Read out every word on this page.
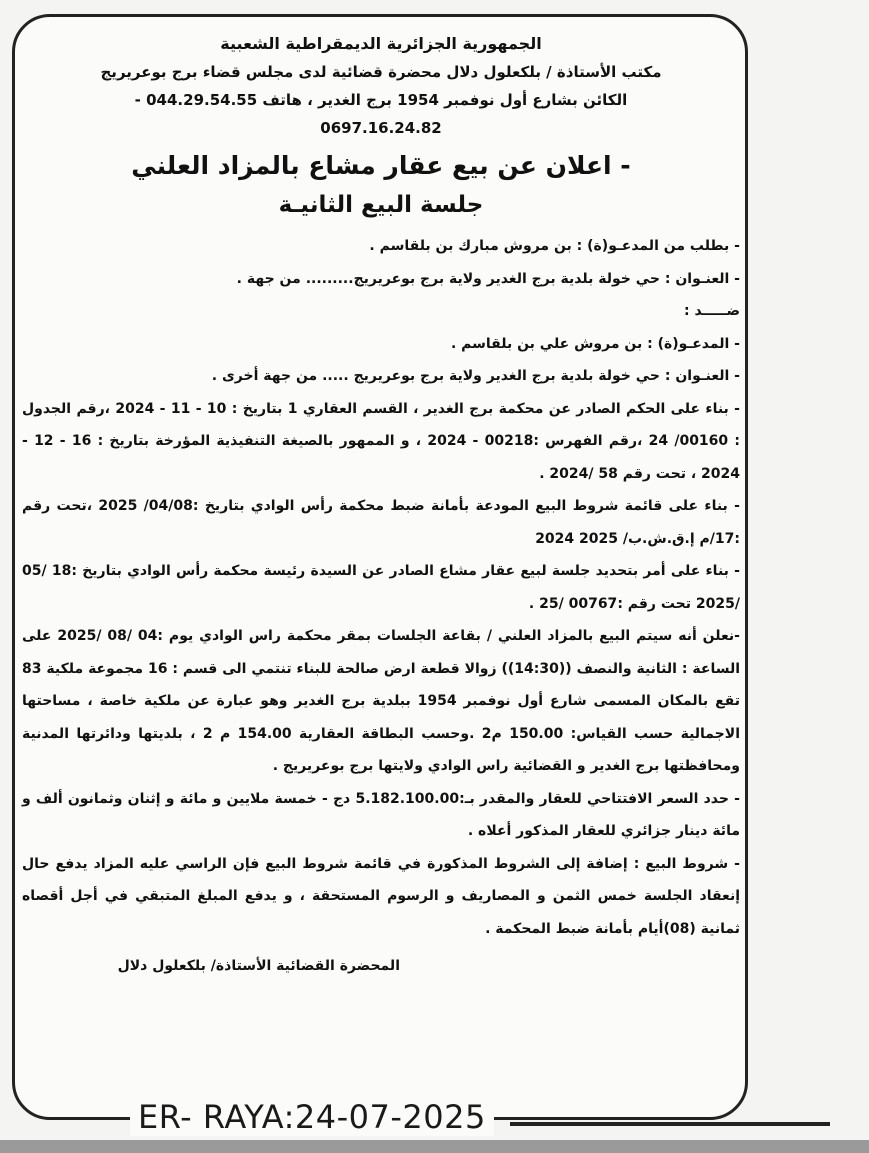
الجمهورية الجزائرية الديمقراطية الشعبية

مكتب الأستاذة / بلكعلول دلال محضرة قضائية لدى مجلس قضاء برج بوعريريج

الكائن بشارع أول نوفمبر 1954 برج الغدير ، هاتف 044.29.54.55 -

0697.16.24.82

- اعلان عن بيع عقار مشاع بالمزاد العلني

جلسة البيع الثانيـة

- بطلب من المدعـو(ة) : بن مروش مبارك بن بلقاسم .

- العنـوان : حي خولة بلدية برج الغدير ولاية برج بوعريريج......... من جهة .

ضـــــد :

- المدعـو(ة) : بن مروش علي بن بلقاسم .

- العنـوان : حي خولة بلدية برج الغدير ولاية برج بوعريريج ..... من جهة أخرى .

- بناء على الحكم الصادر عن محكمة برج الغدير ، القسم العقاري 1 بتاريخ : 10 - 11 - 2024 ،رقم الجدول : 00160/ 24 ،رقم الفهرس :00218 - 2024 ، و الممهور بالصيغة التنفيذية المؤرخة بتاريخ : 16 - 12 - 2024 ، تحت رقم 58 /2024 .

- بناء على قائمة شروط البيع المودعة بأمانة ضبط محكمة رأس الوادي بتاريخ :04/08/ 2025 ،تحت رقم :17/م إ.ق.ش.ب/ 2025 2024

- بناء على أمر بتحديد جلسة لبيع عقار مشاع الصادر عن السيدة رئيسة محكمة رأس الوادي بتاريخ :18 /05 /2025 تحت رقم :00767 /25 .

-نعلن أنه سيتم البيع بالمزاد العلني / بقاعة الجلسات بمقر محكمة راس الوادي يوم :04 /08 /2025 على الساعة : الثانية والنصف ((14:30)) زوالا قطعة ارض صالحة للبناء تنتمي الى قسم : 16 مجموعة ملكية 83 تقع بالمكان المسمى شارع أول نوفمبر 1954 ببلدية برج الغدير وهو عبارة عن ملكية خاصة ، مساحتها الاجمالية حسب القياس: 150.00 م2 .وحسب البطاقة العقارية 154.00 م 2 ، بلديتها ودائرتها المدنية ومحافظتها برج الغدير و القضائية راس الوادي ولايتها برج بوعريريج .

- حدد السعر الافتتاحي للعقار والمقدر بـ:5.182.100.00 دج - خمسة ملايين و مائة و إثنان وثمانون ألف و مائة دينار جزائري للعقار المذكور أعلاه .

- شروط البيع : إضافة إلى الشروط المذكورة في قائمة شروط البيع فإن الراسي عليه المزاد يدفع حال إنعقاد الجلسة خمس الثمن و المصاريف و الرسوم المستحقة ، و يدفع المبلغ المتبقي في أجل أقصاه ثمانية (08)أيام بأمانة ضبط المحكمة .

المحضرة القضائية الأستاذة/ بلكعلول دلال

ER- RAYA:24-07-2025
